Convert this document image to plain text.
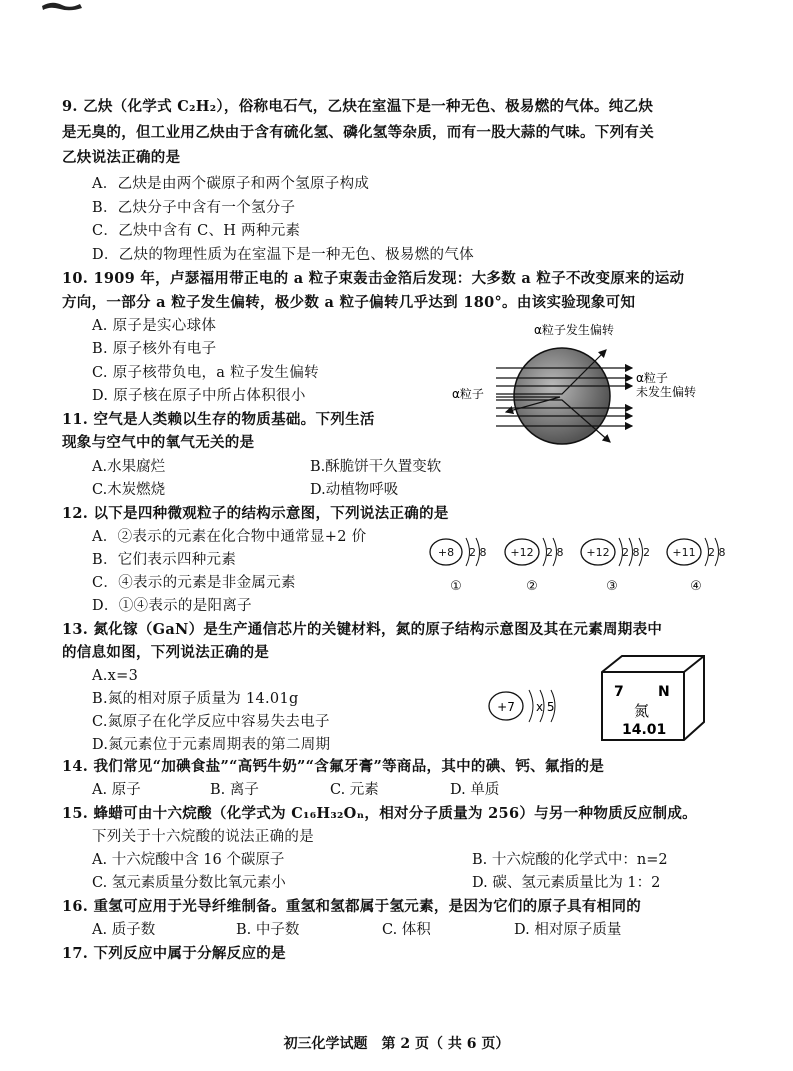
9. 乙炔（化学式 C₂H₂），俗称电石气，乙炔在室温下是一种无色、极易燃的气体。纯乙炔
是无臭的，但工业用乙炔由于含有硫化氢、磷化氢等杂质，而有一股大蒜的气味。下列有关
乙炔说法正确的是
A．乙炔是由两个碳原子和两个氢原子构成
B．乙炔分子中含有一个氢分子
C．乙炔中含有 C、H 两种元素
D．乙炔的物理性质为在室温下是一种无色、极易燃的气体
10. 1909 年，卢瑟福用带正电的 a 粒子束轰击金箔后发现：大多数 a 粒子不改变原来的运动
方向，一部分 a 粒子发生偏转，极少数 a 粒子偏转几乎达到 180°。由该实验现象可知
A. 原子是实心球体
B. 原子核外有电子
C. 原子核带负电，a 粒子发生偏转
D. 原子核在原子中所占体积很小
α粒子发生偏转
α粒子
α粒子
未发生偏转
11. 空气是人类赖以生存的物质基础。下列生活
现象与空气中的氧气无关的是
A.水果腐烂	B.酥脆饼干久置变软
C.木炭燃烧	D.动植物呼吸
12. 以下是四种微观粒子的结构示意图，下列说法正确的是
A．②表示的元素在化合物中通常显+2 价
B．它们表示四种元素
C．④表示的元素是非金属元素
D．①④表示的是阳离子
+8 2 8
①
+12 2 8
②
+12 2 8 2
③
+11 2 8
④
13. 氮化镓（GaN）是生产通信芯片的关键材料，氮的原子结构示意图及其在元素周期表中
的信息如图，下列说法正确的是
A.x=3
B.氮的相对原子质量为 14.01g
C.氮原子在化学反应中容易失去电子
D.氮元素位于元素周期表的第二周期
+7 x 5
7 N
氮
14.01
14. 我们常见“加碘食盐”“高钙牛奶”“含氟牙膏”等商品，其中的碘、钙、氟指的是
A. 原子	B. 离子	C. 元素	D. 单质
15. 蜂蜡可由十六烷酸（化学式为 C₁₆H₃₂Oₙ，相对分子质量为 256）与另一种物质反应制成。
下列关于十六烷酸的说法正确的是
A. 十六烷酸中含 16 个碳原子	B. 十六烷酸的化学式中：n=2
C. 氢元素质量分数比氧元素小	D. 碳、氢元素质量比为 1：2
16. 重氢可应用于光导纤维制备。重氢和氢都属于氢元素，是因为它们的原子具有相同的
A. 质子数	B. 中子数	C. 体积	D. 相对原子质量
17. 下列反应中属于分解反应的是
初三化学试题　第 2 页（ 共 6 页）
